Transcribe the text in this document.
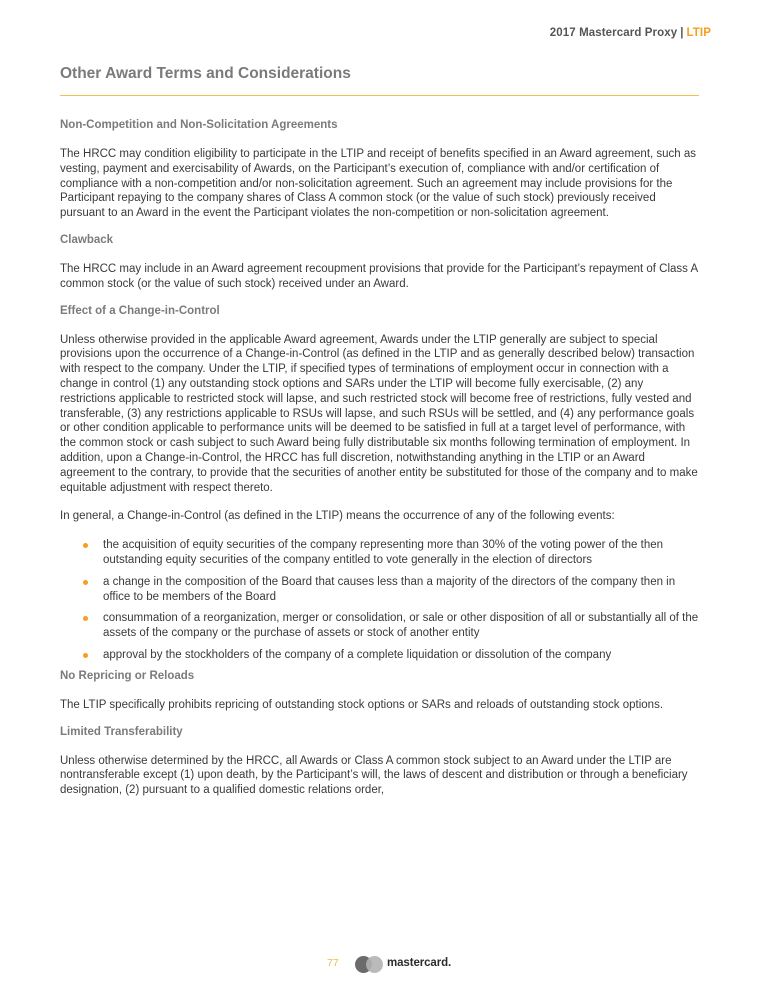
2017 Mastercard Proxy | LTIP
Other Award Terms and Considerations
Non-Competition and Non-Solicitation Agreements

The HRCC may condition eligibility to participate in the LTIP and receipt of benefits specified in an Award agreement, such as vesting, payment and exercisability of Awards, on the Participant’s execution of, compliance with and/or certification of compliance with a non-competition and/or non-solicitation agreement. Such an agreement may include provisions for the Participant repaying to the company shares of Class A common stock (or the value of such stock) previously received pursuant to an Award in the event the Participant violates the non-competition or non-solicitation agreement.

Clawback

The HRCC may include in an Award agreement recoupment provisions that provide for the Participant’s repayment of Class A common stock (or the value of such stock) received under an Award.

Effect of a Change-in-Control

Unless otherwise provided in the applicable Award agreement, Awards under the LTIP generally are subject to special provisions upon the occurrence of a Change-in-Control (as defined in the LTIP and as generally described below) transaction with respect to the company. Under the LTIP, if specified types of terminations of employment occur in connection with a change in control (1) any outstanding stock options and SARs under the LTIP will become fully exercisable, (2) any restrictions applicable to restricted stock will lapse, and such restricted stock will become free of restrictions, fully vested and transferable, (3) any restrictions applicable to RSUs will lapse, and such RSUs will be settled, and (4) any performance goals or other condition applicable to performance units will be deemed to be satisfied in full at a target level of performance, with the common stock or cash subject to such Award being fully distributable six months following termination of employment. In addition, upon a Change-in-Control, the HRCC has full discretion, notwithstanding anything in the LTIP or an Award agreement to the contrary, to provide that the securities of another entity be substituted for those of the company and to make equitable adjustment with respect thereto.

In general, a Change-in-Control (as defined in the LTIP) means the occurrence of any of the following events:

the acquisition of equity securities of the company representing more than 30% of the voting power of the then outstanding equity securities of the company entitled to vote generally in the election of directors
a change in the composition of the Board that causes less than a majority of the directors of the company then in office to be members of the Board
consummation of a reorganization, merger or consolidation, or sale or other disposition of all or substantially all of the assets of the company or the purchase of assets or stock of another entity
approval by the stockholders of the company of a complete liquidation or dissolution of the company
No Repricing or Reloads

The LTIP specifically prohibits repricing of outstanding stock options or SARs and reloads of outstanding stock options.

Limited Transferability

Unless otherwise determined by the HRCC, all Awards or Class A common stock subject to an Award under the LTIP are nontransferable except (1) upon death, by the Participant’s will, the laws of descent and distribution or through a beneficiary designation, (2) pursuant to a qualified domestic relations order,

77	mastercard.
